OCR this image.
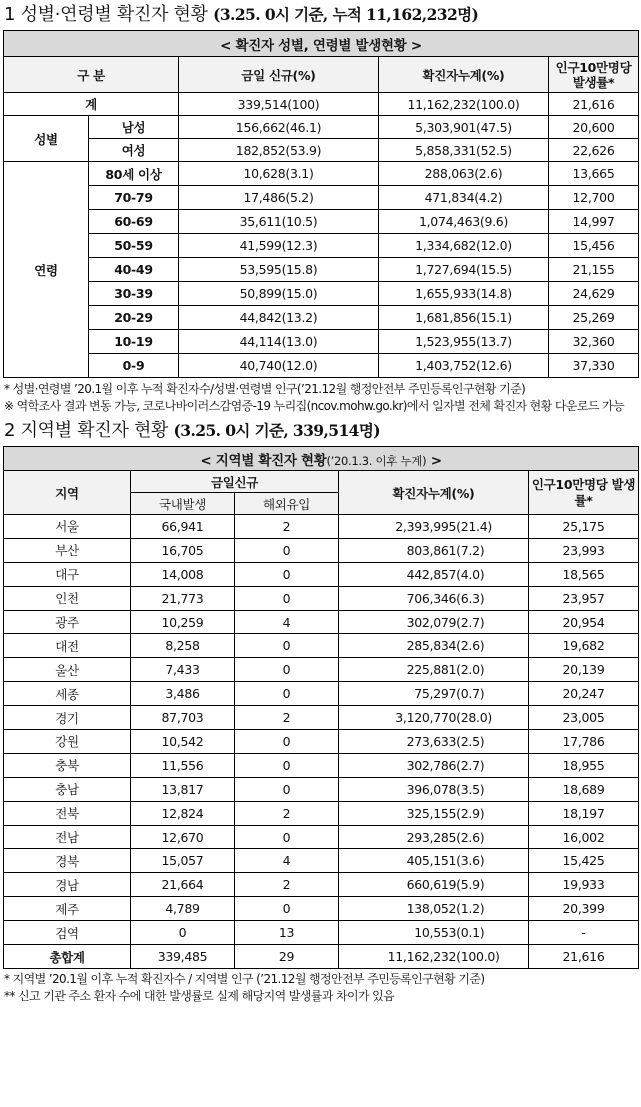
1 성별·연령별 확진자 현황 (3.25. 0시 기준, 누적 11,162,232명)
< 확진자 성별, 연령별 발생현황 >				
구 분		금일 신규(%)	확진자누계(%)	인구10만명당 발생률*
계		339,514(100)	11,162,232(100.0)	21,616
성별	남성	156,662(46.1)	5,303,901(47.5)	20,600
	여성	182,852(53.9)	5,858,331(52.5)	22,626
연령	80세 이상	10,628(3.1)	288,063(2.6)	13,665
	70-79	17,486(5.2)	471,834(4.2)	12,700
	60-69	35,611(10.5)	1,074,463(9.6)	14,997
	50-59	41,599(12.3)	1,334,682(12.0)	15,456
	40-49	53,595(15.8)	1,727,694(15.5)	21,155
	30-39	50,899(15.0)	1,655,933(14.8)	24,629
	20-29	44,842(13.2)	1,681,856(15.1)	25,269
	10-19	44,114(13.0)	1,523,955(13.7)	32,360
	0-9	40,740(12.0)	1,403,752(12.6)	37,330
* 성별·연령별 ’20.1월 이후 누적 확진자수/성별·연령별 인구(’21.12월 행정안전부 주민등록인구현황 기준)
※ 역학조사 결과 변동 가능, 코로나바이러스감염증-19 누리집(ncov.mohw.go.kr)에서 일자별 전체 확진자 현황 다운로드 가능
2 지역별 확진자 현황 (3.25. 0시 기준, 339,514명)
< 지역별 확진자 현황(’20.1.3. 이후 누계) >				
지역	금일신규		확진자누계(%)	인구10만명당 발생률*
	국내발생	해외유입		
서울	66,941	2	2,393,995 (21.4)	25,175
부산	16,705	0	803,861 (7.2)	23,993
대구	14,008	0	442,857 (4.0)	18,565
인천	21,773	0	706,346 (6.3)	23,957
광주	10,259	4	302,079 (2.7)	20,954
대전	8,258	0	285,834 (2.6)	19,682
울산	7,433	0	225,881 (2.0)	20,139
세종	3,486	0	75,297 (0.7)	20,247
경기	87,703	2	3,120,770 (28.0)	23,005
강원	10,542	0	273,633 (2.5)	17,786
충북	11,556	0	302,786 (2.7)	18,955
충남	13,817	0	396,078 (3.5)	18,689
전북	12,824	2	325,155 (2.9)	18,197
전남	12,670	0	293,285 (2.6)	16,002
경북	15,057	4	405,151 (3.6)	15,425
경남	21,664	2	660,619 (5.9)	19,933
제주	4,789	0	138,052 (1.2)	20,399
검역	0	13	10,553 (0.1)	-
총합계	339,485	29	11,162,232 (100.0)	21,616
* 지역별 ’20.1월 이후 누적 확진자수 / 지역별 인구 (’21.12월 행정안전부 주민등록인구현황 기준)
** 신고 기관 주소 환자 수에 대한 발생률로 실제 해당지역 발생률과 차이가 있음
